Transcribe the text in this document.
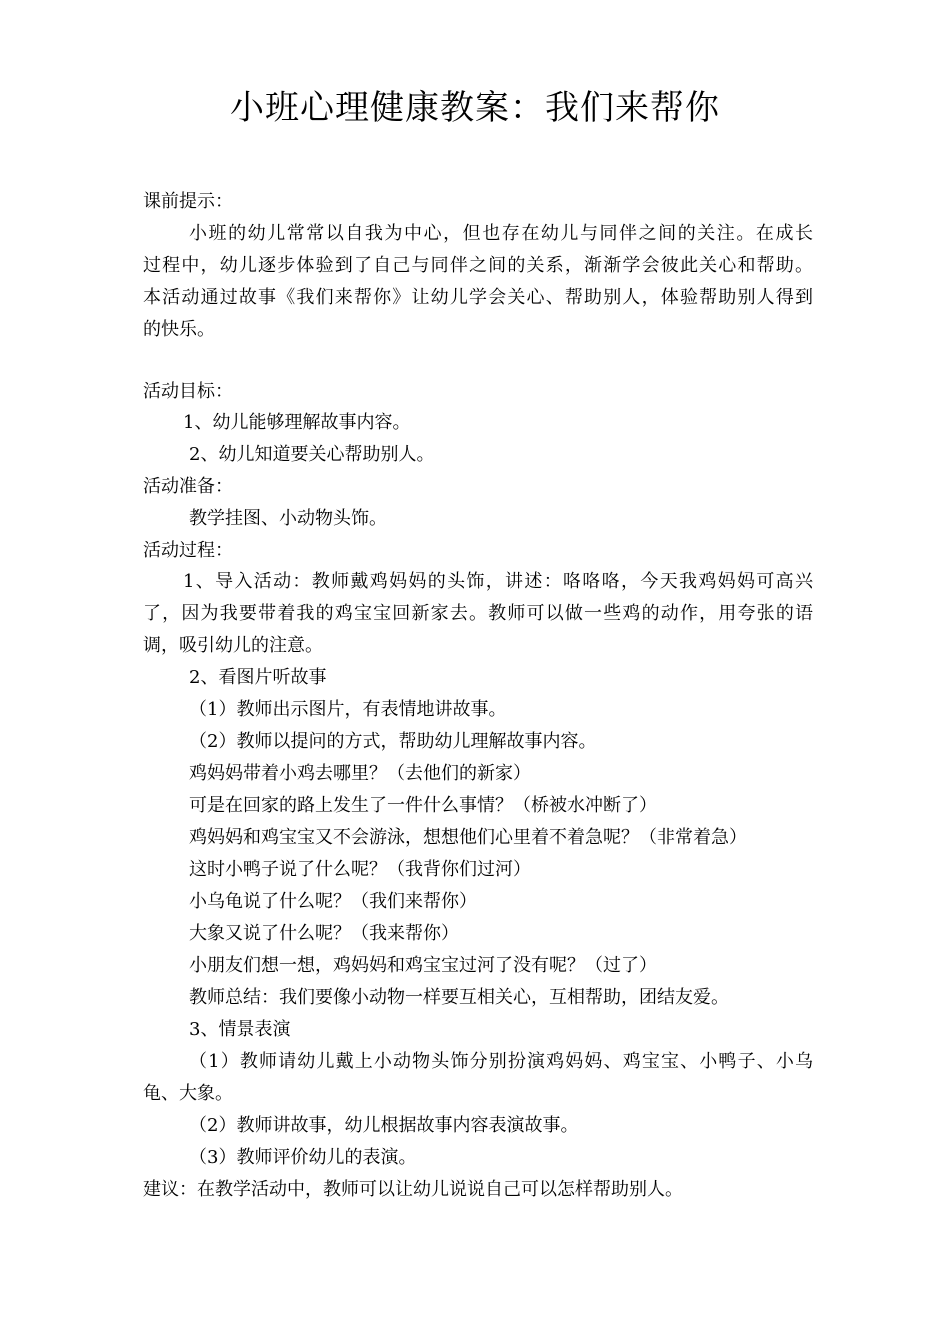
小班心理健康教案：我们来帮你
课前提示：
小班的幼儿常常以自我为中心，但也存在幼儿与同伴之间的关注。在成长
过程中，幼儿逐步体验到了自己与同伴之间的关系，渐渐学会彼此关心和帮助。
本活动通过故事《我们来帮你》让幼儿学会关心、帮助别人，体验帮助别人得到
的快乐。
活动目标：
1、幼儿能够理解故事内容。
2、幼儿知道要关心帮助别人。
活动准备：
教学挂图、小动物头饰。
活动过程：
1、导入活动：教师戴鸡妈妈的头饰，讲述：咯咯咯，今天我鸡妈妈可高兴
了，因为我要带着我的鸡宝宝回新家去。教师可以做一些鸡的动作，用夸张的语
调，吸引幼儿的注意。
2、看图片听故事
（1）教师出示图片，有表情地讲故事。
（2）教师以提问的方式，帮助幼儿理解故事内容。
鸡妈妈带着小鸡去哪里？（去他们的新家）
可是在回家的路上发生了一件什么事情？（桥被水冲断了）
鸡妈妈和鸡宝宝又不会游泳，想想他们心里着不着急呢？（非常着急）
这时小鸭子说了什么呢？（我背你们过河）
小乌龟说了什么呢？（我们来帮你）
大象又说了什么呢？（我来帮你）
小朋友们想一想，鸡妈妈和鸡宝宝过河了没有呢？（过了）
教师总结：我们要像小动物一样要互相关心，互相帮助，团结友爱。
3、情景表演
（1）教师请幼儿戴上小动物头饰分别扮演鸡妈妈、鸡宝宝、小鸭子、小乌
龟、大象。
（2）教师讲故事，幼儿根据故事内容表演故事。
（3）教师评价幼儿的表演。
建议：在教学活动中，教师可以让幼儿说说自己可以怎样帮助别人。
